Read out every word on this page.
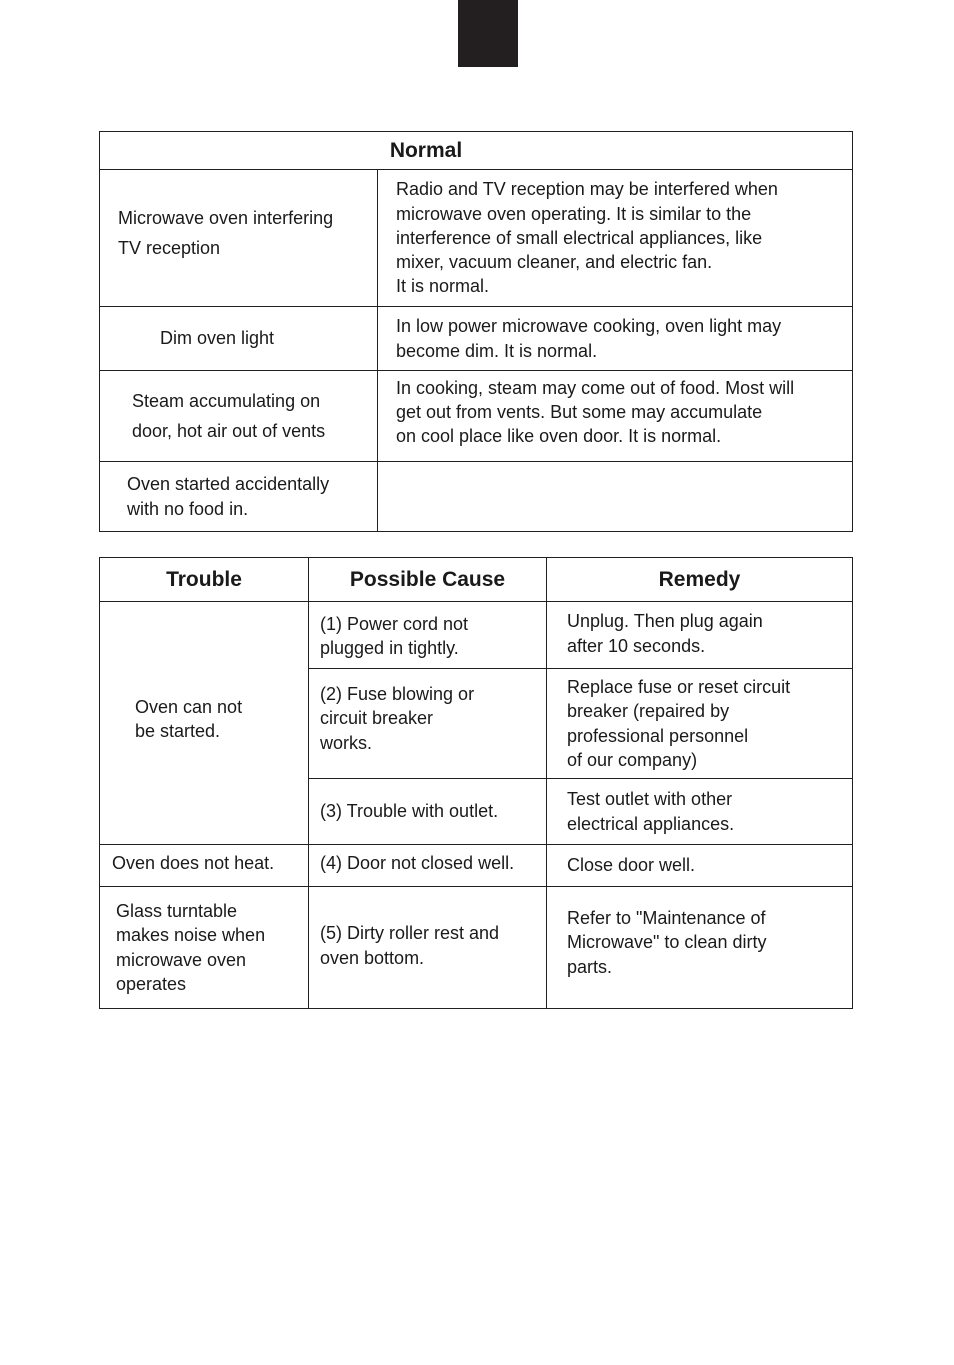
Normal	

Microwave oven interfering
TV reception	Radio and TV reception may be interfered when
microwave oven operating. It is similar to the
interference of small electrical appliances, like
mixer, vacuum cleaner, and electric fan.
It is normal.

Dim oven light	In low power microwave cooking, oven light may
become dim. It is normal.

Steam accumulating on
door, hot air out of vents	In cooking, steam may come out of food. Most will
get out from vents. But some may accumulate
on cool place like oven door. It is normal.

Oven started accidentally
with no food in.	

Trouble	Possible Cause	Remedy

Oven can not
be started.	(1) Power cord not
plugged in tightly.	Unplug. Then plug again
after 10 seconds.

	(2) Fuse blowing or
circuit breaker
works.	Replace fuse or reset circuit
breaker (repaired by
professional personnel
of our company)

	(3) Trouble with outlet.	Test outlet with other
electrical appliances.

Oven does not heat.	(4) Door not closed well.	Close door well.

Glass turntable
makes noise when
microwave oven
operates	(5) Dirty roller rest and
oven bottom.	Refer to "Maintenance of
Microwave" to clean dirty
parts.
